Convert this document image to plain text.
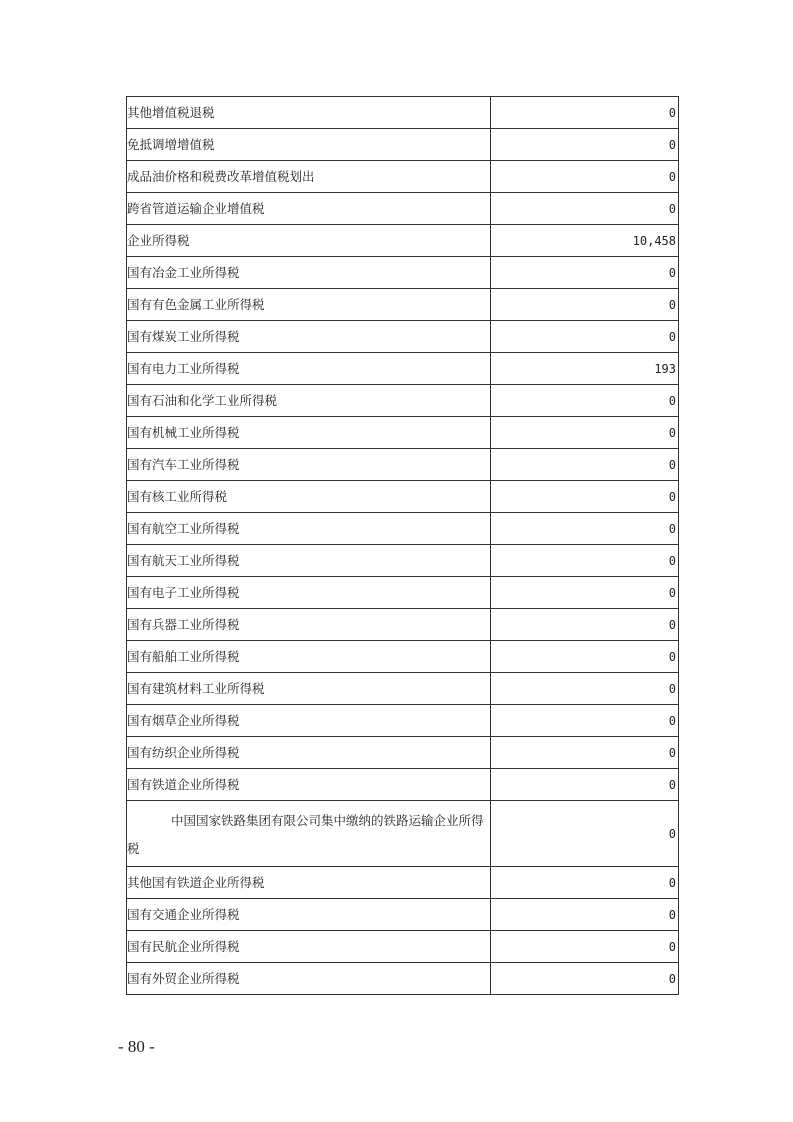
其他增值税退税	0
免抵调增增值税	0
成品油价格和税费改革增值税划出	0
跨省管道运输企业增值税	0
企业所得税	10,458
国有冶金工业所得税	0
国有有色金属工业所得税	0
国有煤炭工业所得税	0
国有电力工业所得税	193
国有石油和化学工业所得税	0
国有机械工业所得税	0
国有汽车工业所得税	0
国有核工业所得税	0
国有航空工业所得税	0
国有航天工业所得税	0
国有电子工业所得税	0
国有兵器工业所得税	0
国有船舶工业所得税	0
国有建筑材料工业所得税	0
国有烟草企业所得税	0
国有纺织企业所得税	0
国有铁道企业所得税	0

中国国家铁路集团有限公司集中缴纳的铁路运输企业所得税	0
其他国有铁道企业所得税	0
国有交通企业所得税	0
国有民航企业所得税	0
国有外贸企业所得税	0
- 80 -
